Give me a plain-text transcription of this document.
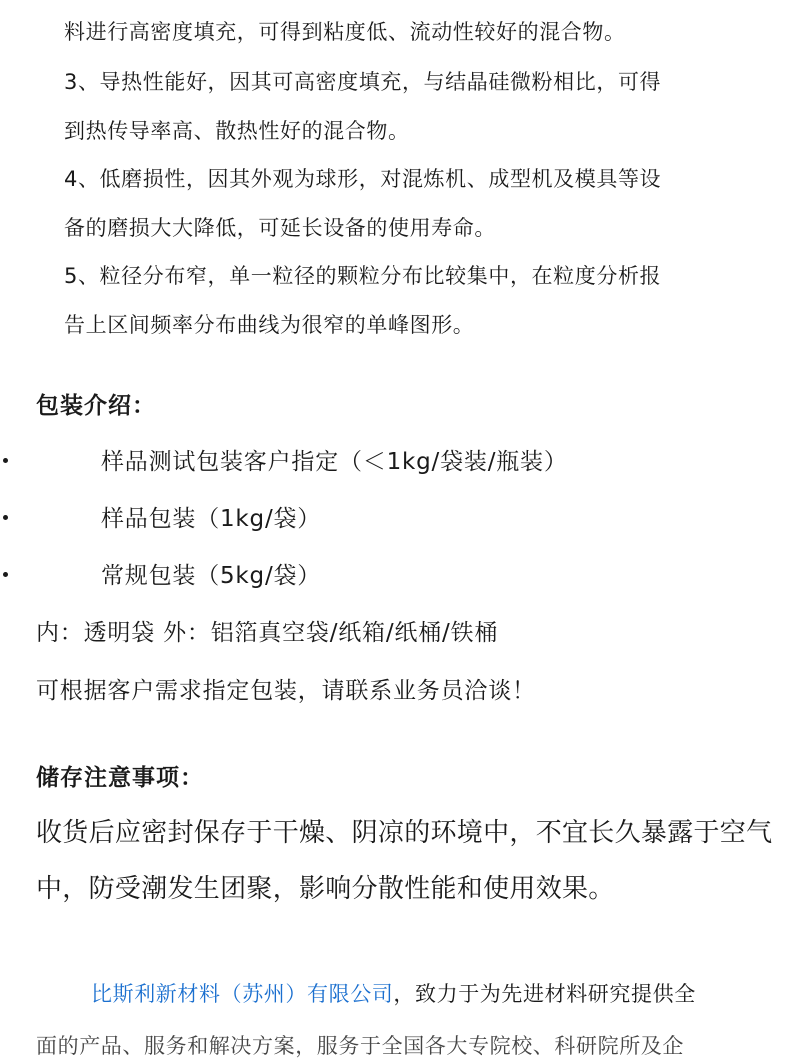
料进行高密度填充，可得到粘度低、流动性较好的混合物。
3、导热性能好，因其可高密度填充，与结晶硅微粉相比，可得
到热传导率高、散热性好的混合物。
4、低磨损性，因其外观为球形，对混炼机、成型机及模具等设
备的磨损大大降低，可延长设备的使用寿命。
5、粒径分布窄，单一粒径的颗粒分布比较集中，在粒度分析报
告上区间频率分布曲线为很窄的单峰图形。
包装介绍：
样品测试包装客户指定（＜1kg/袋装/瓶装）
样品包装（1kg/袋）
常规包装（5kg/袋）
内：透明袋 外：铝箔真空袋/纸箱/纸桶/铁桶
可根据客户需求指定包装，请联系业务员洽谈！
储存注意事项：
收货后应密封保存于干燥、阴凉的环境中，不宜长久暴露于空气
中，防受潮发生团聚，影响分散性能和使用效果。
比斯利新材料（苏州）有限公司，致力于为先进材料研究提供全
面的产品、服务和解决方案，服务于全国各大专院校、科研院所及企
